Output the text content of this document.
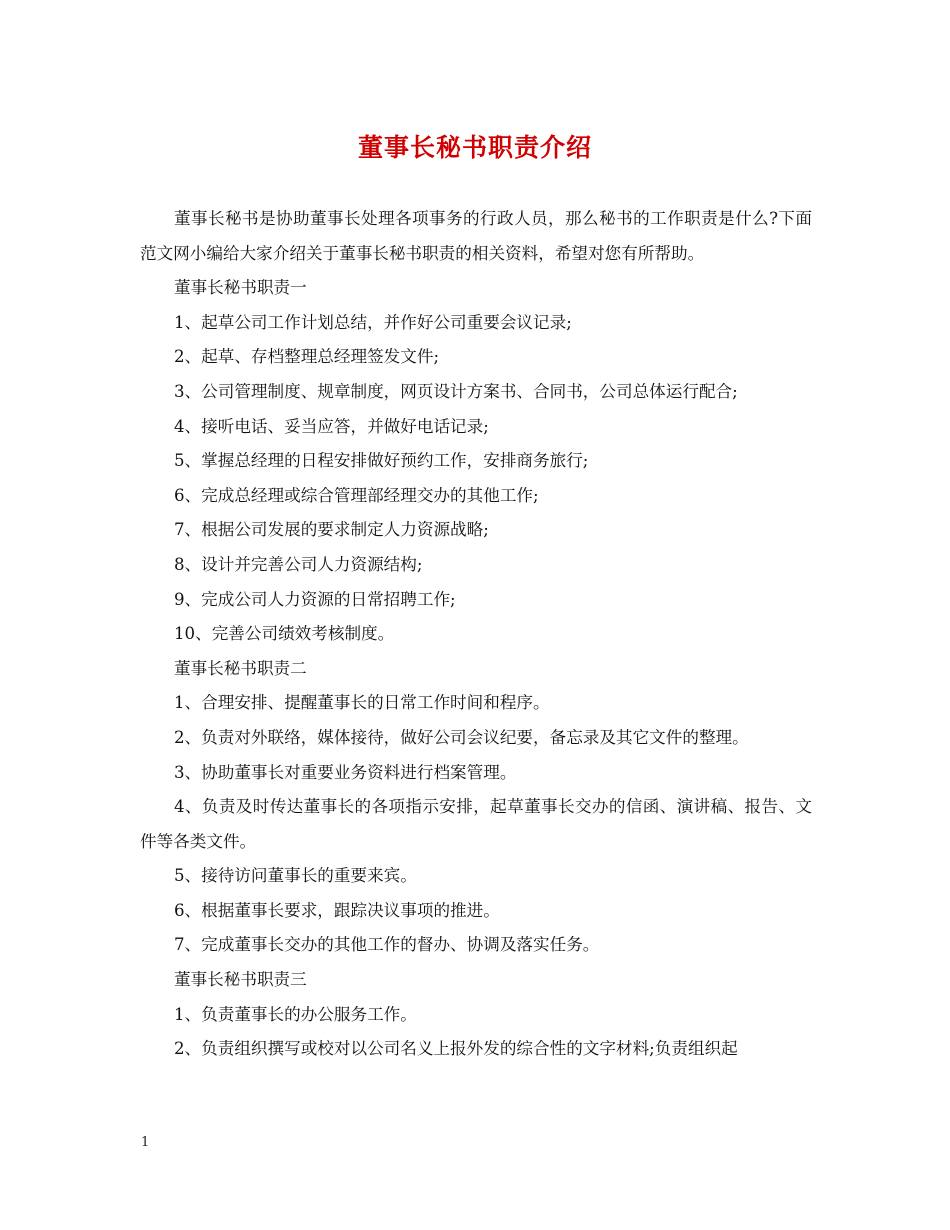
董事长秘书职责介绍
董事长秘书是协助董事长处理各项事务的行政人员，那么秘书的工作职责是什么?下面范文网小编给大家介绍关于董事长秘书职责的相关资料，希望对您有所帮助。
董事长秘书职责一
1、起草公司工作计划总结，并作好公司重要会议记录;
2、起草、存档整理总经理签发文件;
3、公司管理制度、规章制度，网页设计方案书、合同书，公司总体运行配合;
4、接听电话、妥当应答，并做好电话记录;
5、掌握总经理的日程安排做好预约工作，安排商务旅行;
6、完成总经理或综合管理部经理交办的其他工作;
7、根据公司发展的要求制定人力资源战略;
8、设计并完善公司人力资源结构;
9、完成公司人力资源的日常招聘工作;
10、完善公司绩效考核制度。
董事长秘书职责二
1、合理安排、提醒董事长的日常工作时间和程序。
2、负责对外联络，媒体接待，做好公司会议纪要，备忘录及其它文件的整理。
3、协助董事长对重要业务资料进行档案管理。
4、负责及时传达董事长的各项指示安排，起草董事长交办的信函、演讲稿、报告、文件等各类文件。
5、接待访问董事长的重要来宾。
6、根据董事长要求，跟踪决议事项的推进。
7、完成董事长交办的其他工作的督办、协调及落实任务。
董事长秘书职责三
1、负责董事长的办公服务工作。
2、负责组织撰写或校对以公司名义上报外发的综合性的文字材料;负责组织起
1
